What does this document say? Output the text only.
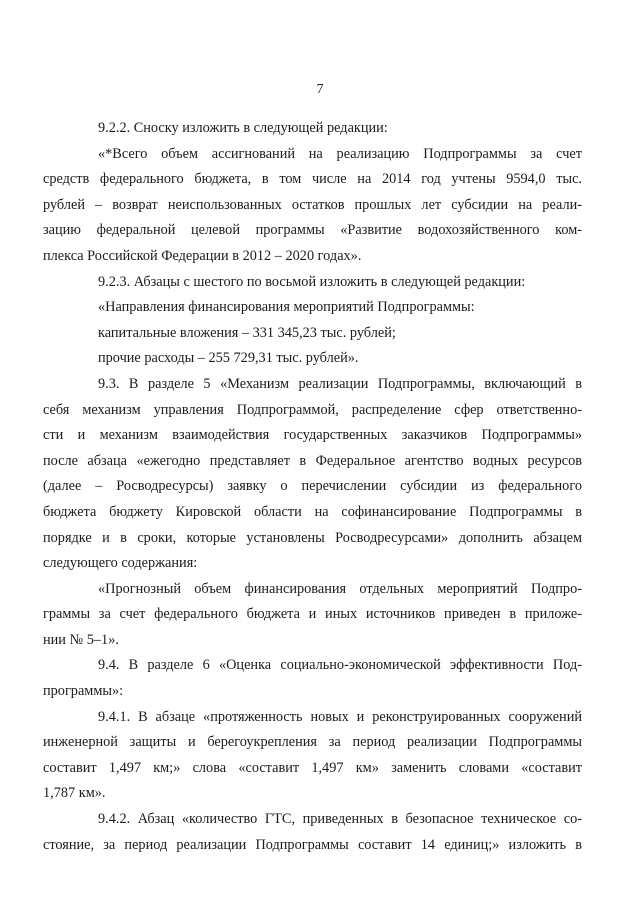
7
9.2.2. Сноску изложить в следующей редакции:
«*Всего объем ассигнований на реализацию Подпрограммы за счет
средств федерального бюджета, в том числе на 2014 год учтены 9594,0 тыс.
рублей – возврат неиспользованных остатков прошлых лет субсидии на реали-
зацию федеральной целевой программы «Развитие водохозяйственного ком-
плекса Российской Федерации в 2012 – 2020 годах».
9.2.3. Абзацы с шестого по восьмой изложить в следующей редакции:
«Направления финансирования мероприятий Подпрограммы:
капитальные вложения – 331 345,23 тыс. рублей;
прочие расходы – 255 729,31 тыс. рублей».
9.3. В разделе 5 «Механизм реализации Подпрограммы, включающий в
себя механизм управления Подпрограммой, распределение сфер ответственно-
сти и механизм взаимодействия государственных заказчиков Подпрограммы»
после абзаца «ежегодно представляет в Федеральное агентство водных ресурсов
(далее – Росводресурсы) заявку о перечислении субсидии из федерального
бюджета бюджету Кировской области на софинансирование Подпрограммы в
порядке и в сроки, которые установлены Росводресурсами» дополнить абзацем
следующего содержания:
«Прогнозный объем финансирования отдельных мероприятий Подпро-
граммы за счет федерального бюджета и иных источников приведен в приложе-
нии № 5–1».
9.4. В разделе 6 «Оценка социально-экономической эффективности Под-
программы»:
9.4.1. В абзаце «протяженность новых и реконструированных сооружений
инженерной защиты и берегоукрепления за период реализации Подпрограммы
составит 1,497 км;» слова «составит 1,497 км» заменить словами «составит
1,787 км».
9.4.2. Абзац «количество ГТС, приведенных в безопасное техническое со-
стояние, за период реализации Подпрограммы составит 14 единиц;» изложить в
